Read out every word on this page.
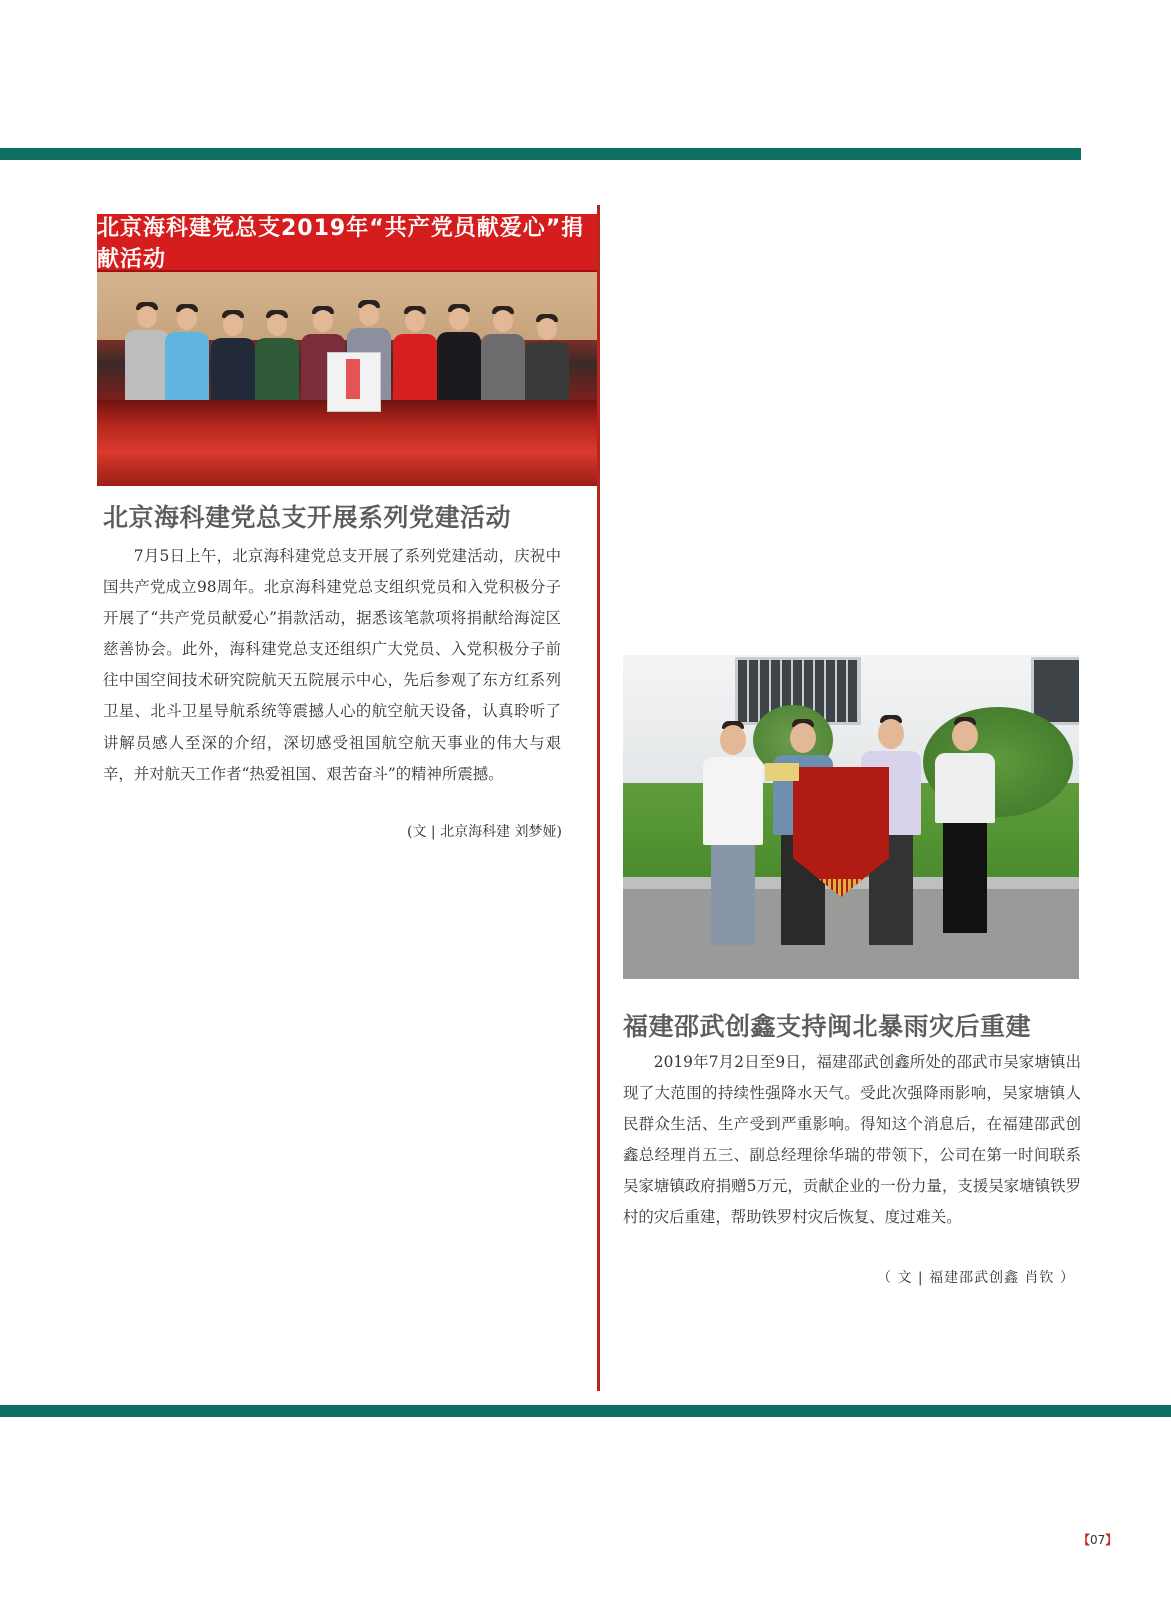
北京海科建党总支2019年“共产党员献爱心”捐献活动
北京海科建党总支开展系列党建活动

7月5日上午，北京海科建党总支开展了系列党建活动，庆祝中国共产党成立98周年。北京海科建党总支组织党员和入党积极分子开展了“共产党员献爱心”捐款活动，据悉该笔款项将捐献给海淀区慈善协会。此外，海科建党总支还组织广大党员、入党积极分子前往中国空间技术研究院航天五院展示中心，先后参观了东方红系列卫星、北斗卫星导航系统等震撼人心的航空航天设备，认真聆听了讲解员感人至深的介绍，深切感受祖国航空航天事业的伟大与艰辛，并对航天工作者“热爱祖国、艰苦奋斗”的精神所震撼。

(文 | 北京海科建 刘梦娅)
福建邵武创鑫支持闽北暴雨灾后重建

2019年7月2日至9日，福建邵武创鑫所处的邵武市吴家塘镇出现了大范围的持续性强降水天气。受此次强降雨影响，吴家塘镇人民群众生活、生产受到严重影响。得知这个消息后，在福建邵武创鑫总经理肖五三、副总经理徐华瑞的带领下，公司在第一时间联系吴家塘镇政府捐赠5万元，贡献企业的一份力量，支援吴家塘镇铁罗村的灾后重建，帮助铁罗村灾后恢复、度过难关。

（ 文 | 福建邵武创鑫 肖钦 ）
【07】
